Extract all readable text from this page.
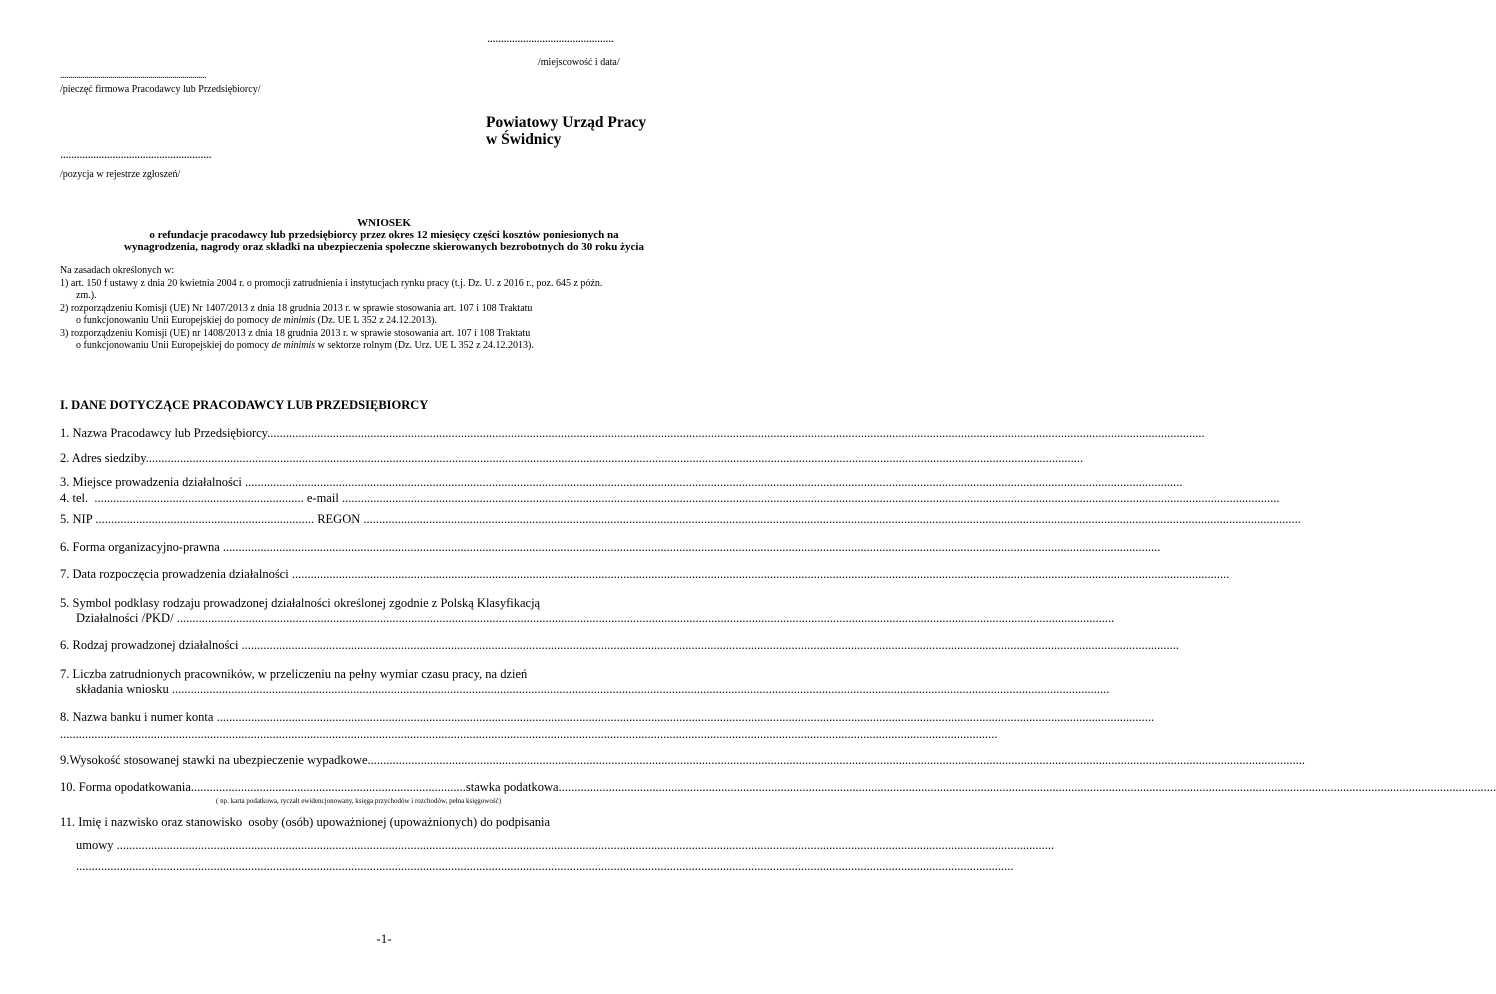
..............................................
/miejscowość i data/
.........................................................................
/pieczęć firmowa Pracodawcy lub Przedsiębiorcy/
Powiatowy Urząd Pracy
w Świdnicy
.......................................................
/pozycja w rejestrze zgłoszeń/
WNIOSEK
o refundacje pracodawcy lub przedsiębiorcy przez okres 12 miesięcy części kosztów poniesionych na
wynagrodzenia, nagrody oraz składki na ubezpieczenia społeczne skierowanych bezrobotnych do 30 roku życia
Na zasadach określonych w:
1) art. 150 f ustawy z dnia 20 kwietnia 2004 r. o promocji zatrudnienia i instytucjach rynku pracy (t.j. Dz. U. z 2016 r., poz. 645 z późn.
zm.).
2) rozporządzeniu Komisji (UE) Nr 1407/2013 z dnia 18 grudnia 2013 r. w sprawie stosowania art. 107 i 108 Traktatu
o funkcjonowaniu Unii Europejskiej do pomocy de minimis (Dz. UE L 352 z 24.12.2013).
3) rozporządzeniu Komisji (UE) nr 1408/2013 z dnia 18 grudnia 2013 r. w sprawie stosowania art. 107 i 108 Traktatu
o funkcjonowaniu Unii Europejskiej do pomocy de minimis w sektorze rolnym (Dz. Urz. UE L 352 z 24.12.2013).
I. DANE DOTYCZĄCE PRACODAWCY LUB PRZEDSIĘBIORCY
1. Nazwa Pracodawcy lub Przedsiębiorcy............................................................................................................................................................................................................................................................................................................
2. Adres siedziby............................................................................................................................................................................................................................................................................................................
3. Miejsce prowadzenia działalności ............................................................................................................................................................................................................................................................................................................
4. tel.  ................................................................... e-mail ............................................................................................................................................................................................................................................................................................................
5. NIP ...................................................................... REGON ............................................................................................................................................................................................................................................................................................................
6. Forma organizacyjno-prawna ............................................................................................................................................................................................................................................................................................................
7. Data rozpoczęcia prowadzenia działalności ............................................................................................................................................................................................................................................................................................................
5. Symbol podklasy rodzaju prowadzonej działalności określonej zgodnie z Polską Klasyfikacją
Działalności /PKD/ ............................................................................................................................................................................................................................................................................................................
6. Rodzaj prowadzonej działalności ............................................................................................................................................................................................................................................................................................................
7. Liczba zatrudnionych pracowników, w przeliczeniu na pełny wymiar czasu pracy, na dzień
składania wniosku ............................................................................................................................................................................................................................................................................................................
8. Nazwa banku i numer konta ............................................................................................................................................................................................................................................................................................................
............................................................................................................................................................................................................................................................................................................
9.Wysokość stosowanej stawki na ubezpieczenie wypadkowe............................................................................................................................................................................................................................................................................................................
10. Forma opodatkowania........................................................................................stawka podatkowa............................................................................................................................................................................................................................................................................................................
( np. karta podatkowa, ryczałt ewidencjonowany, księga przychodów i rozchodów, pełna księgowość)
11. Imię i nazwisko oraz stanowisko  osoby (osób) upoważnionej (upoważnionych) do podpisania
umowy ............................................................................................................................................................................................................................................................................................................
............................................................................................................................................................................................................................................................................................................
-1-
